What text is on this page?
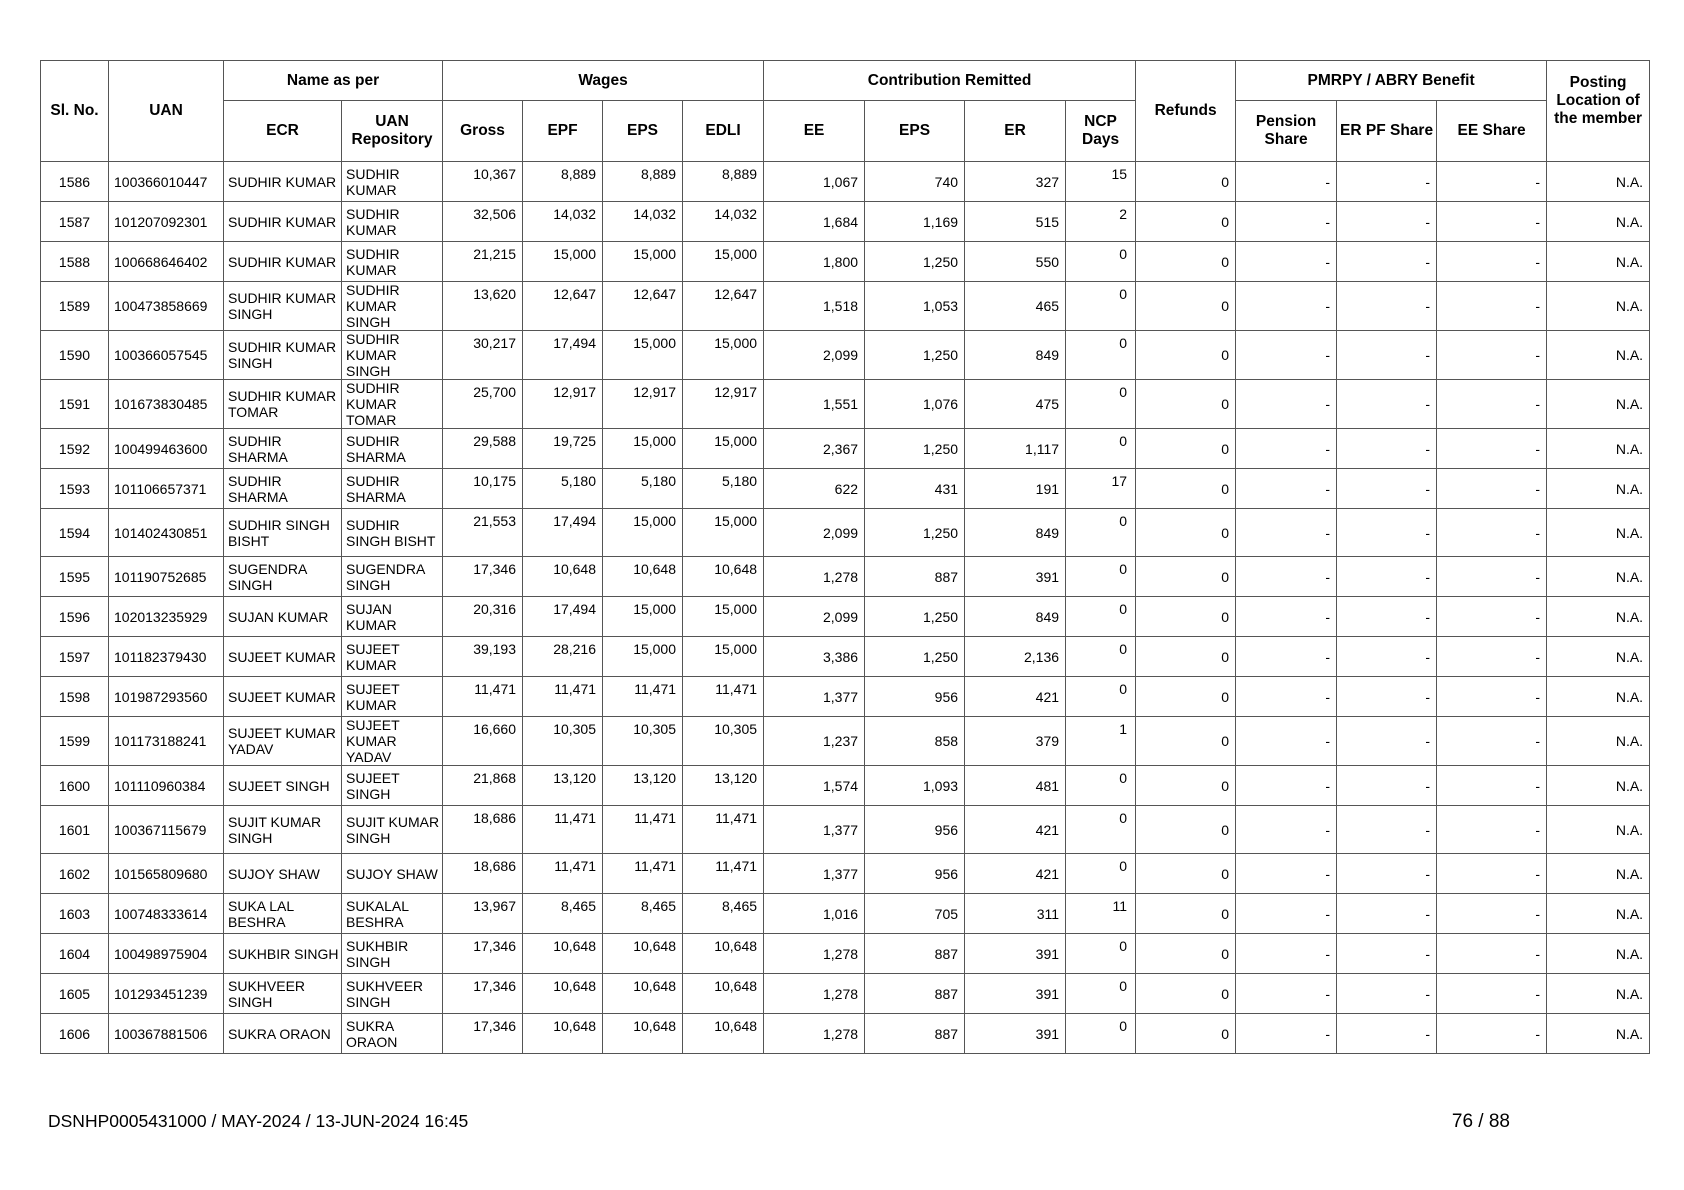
Sl. No.	UAN	Name as per		Wages				Contribution Remitted				Refunds	PMRPY / ABRY Benefit			Posting Location of the member
		ECR	UAN Repository	Gross	EPF	EPS	EDLI	EE	EPS	ER	NCP Days		Pension Share	ER PF Share	EE Share	
1586	100366010447	SUDHIR KUMAR	SUDHIR KUMAR	10,367	8,889	8,889	8,889	1,067	740	327	15	0	-	-	-	N.A.
1587	101207092301	SUDHIR KUMAR	SUDHIR KUMAR	32,506	14,032	14,032	14,032	1,684	1,169	515	2	0	-	-	-	N.A.
1588	100668646402	SUDHIR KUMAR	SUDHIR KUMAR	21,215	15,000	15,000	15,000	1,800	1,250	550	0	0	-	-	-	N.A.
1589	100473858669	SUDHIR KUMAR SINGH	SUDHIR KUMAR SINGH	13,620	12,647	12,647	12,647	1,518	1,053	465	0	0	-	-	-	N.A.
1590	100366057545	SUDHIR KUMAR SINGH	SUDHIR KUMAR SINGH	30,217	17,494	15,000	15,000	2,099	1,250	849	0	0	-	-	-	N.A.
1591	101673830485	SUDHIR KUMAR TOMAR	SUDHIR KUMAR TOMAR	25,700	12,917	12,917	12,917	1,551	1,076	475	0	0	-	-	-	N.A.
1592	100499463600	SUDHIR SHARMA	SUDHIR SHARMA	29,588	19,725	15,000	15,000	2,367	1,250	1,117	0	0	-	-	-	N.A.
1593	101106657371	SUDHIR SHARMA	SUDHIR SHARMA	10,175	5,180	5,180	5,180	622	431	191	17	0	-	-	-	N.A.
1594	101402430851	SUDHIR SINGH BISHT	SUDHIR SINGH BISHT	21,553	17,494	15,000	15,000	2,099	1,250	849	0	0	-	-	-	N.A.
1595	101190752685	SUGENDRA SINGH	SUGENDRA SINGH	17,346	10,648	10,648	10,648	1,278	887	391	0	0	-	-	-	N.A.
1596	102013235929	SUJAN KUMAR	SUJAN KUMAR	20,316	17,494	15,000	15,000	2,099	1,250	849	0	0	-	-	-	N.A.
1597	101182379430	SUJEET KUMAR	SUJEET KUMAR	39,193	28,216	15,000	15,000	3,386	1,250	2,136	0	0	-	-	-	N.A.
1598	101987293560	SUJEET KUMAR	SUJEET KUMAR	11,471	11,471	11,471	11,471	1,377	956	421	0	0	-	-	-	N.A.
1599	101173188241	SUJEET KUMAR YADAV	SUJEET KUMAR YADAV	16,660	10,305	10,305	10,305	1,237	858	379	1	0	-	-	-	N.A.
1600	101110960384	SUJEET SINGH	SUJEET SINGH	21,868	13,120	13,120	13,120	1,574	1,093	481	0	0	-	-	-	N.A.
1601	100367115679	SUJIT KUMAR SINGH	SUJIT KUMAR SINGH	18,686	11,471	11,471	11,471	1,377	956	421	0	0	-	-	-	N.A.
1602	101565809680	SUJOY SHAW	SUJOY SHAW	18,686	11,471	11,471	11,471	1,377	956	421	0	0	-	-	-	N.A.
1603	100748333614	SUKA LAL BESHRA	SUKALAL BESHRA	13,967	8,465	8,465	8,465	1,016	705	311	11	0	-	-	-	N.A.
1604	100498975904	SUKHBIR SINGH	SUKHBIR SINGH	17,346	10,648	10,648	10,648	1,278	887	391	0	0	-	-	-	N.A.
1605	101293451239	SUKHVEER SINGH	SUKHVEER SINGH	17,346	10,648	10,648	10,648	1,278	887	391	0	0	-	-	-	N.A.
1606	100367881506	SUKRA ORAON	SUKRA ORAON	17,346	10,648	10,648	10,648	1,278	887	391	0	0	-	-	-	N.A.
DSNHP0005431000 / MAY-2024 / 13-JUN-2024 16:45	76 / 88
